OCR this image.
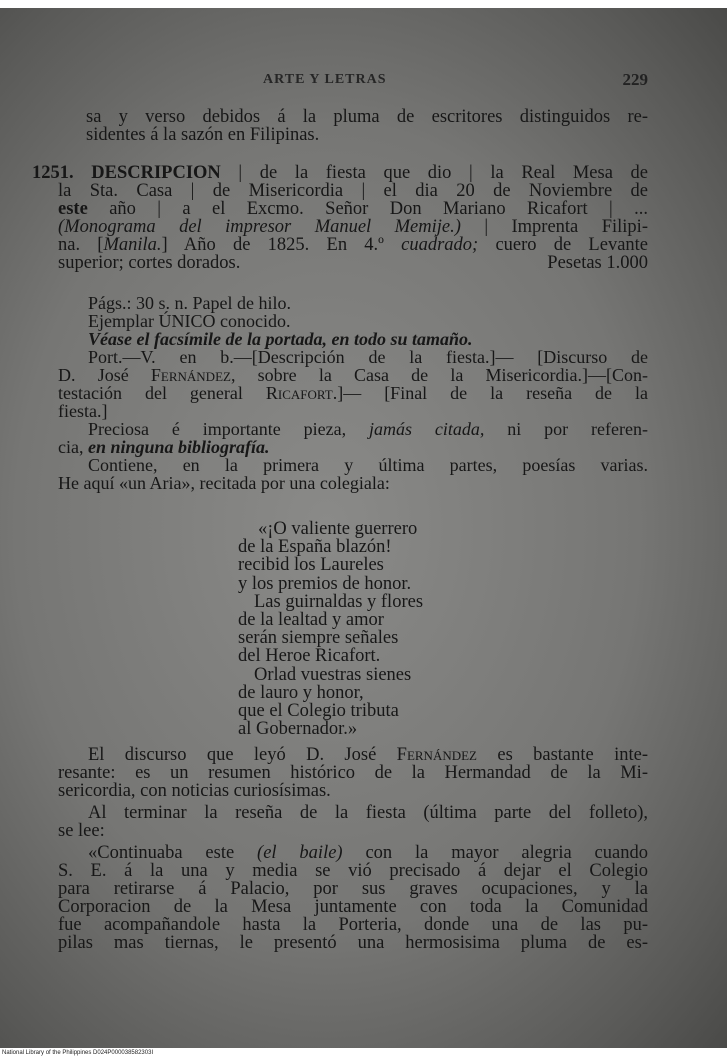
ARTE Y LETRAS	229
sa y verso debidos á la pluma de escritores distinguidos re-
sidentes á la sazón en Filipinas.
1251. DESCRIPCION | de la fiesta que dio | la Real Mesa de
la Sta. Casa | de Misericordia | el dia 20 de Noviembre de
este año | a el Excmo. Señor Don Mariano Ricafort | ...
(Monograma del impresor Manuel Memije.) | Imprenta Filipi-
na. [Manila.] Año de 1825. En 4.º cuadrado; cuero de Levante
superior; cortes dorados.	Pesetas 1.000
Págs.: 30 s. n. Papel de hilo.
Ejemplar ÚNICO conocido.
Véase el facsímile de la portada, en todo su tamaño.
Port.—V. en b.—[Descripción de la fiesta.]— [Discurso de
D. José Fernández, sobre la Casa de la Misericordia.]—[Con-
testación del general Ricafort.]— [Final de la reseña de la
fiesta.]
Preciosa é importante pieza, jamás citada, ni por referen-
cia, en ninguna bibliografía.
Contiene, en la primera y última partes, poesías varias.
He aquí «un Aria», recitada por una colegiala:
«¡O valiente guerrero
de la España blazón!
recibid los Laureles
y los premios de honor.
Las guirnaldas y flores
de la lealtad y amor
serán siempre señales
del Heroe Ricafort.
Orlad vuestras sienes
de lauro y honor,
que el Colegio tributa
al Gobernador.»
El discurso que leyó D. José Fernández es bastante inte-
resante: es un resumen histórico de la Hermandad de la Mi-
sericordia, con noticias curiosísimas.
Al terminar la reseña de la fiesta (última parte del folleto),
se lee:
«Continuaba este (el baile) con la mayor alegria cuando
S. E. á la una y media se vió precisado á dejar el Colegio
para retirarse á Palacio, por sus graves ocupaciones, y la
Corporacion de la Mesa juntamente con toda la Comunidad
fue acompañandole hasta la Porteria, donde una de las pu-
pilas mas tiernas, le presentó una hermosisima pluma de es-
National Library of the Philippines D024P000038582303I
